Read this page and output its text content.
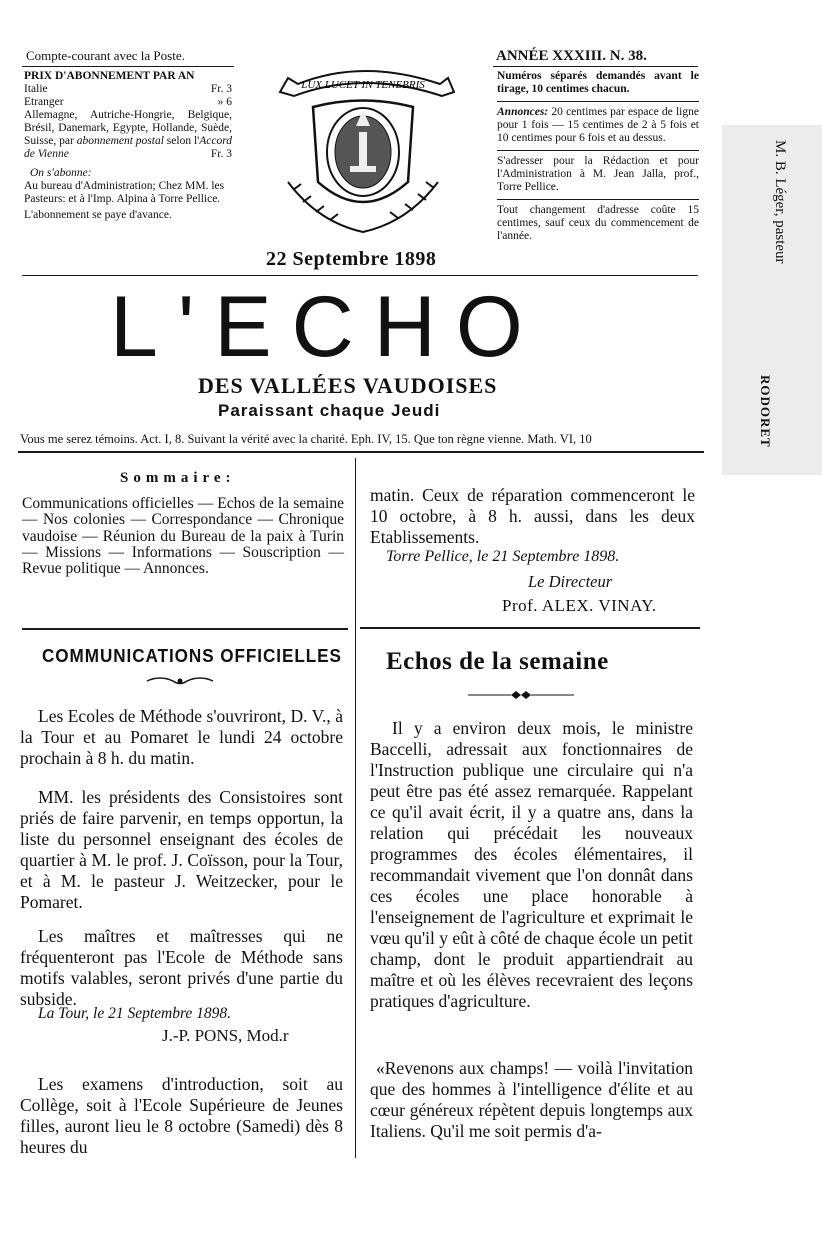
M. B. Léger, pasteur
RODORET
Compte-courant avec la Poste.	ANNÉE XXXIII. N. 38.
PRIX D'ABONNEMENT PAR AN
Italie	Fr. 3
Etranger	» 6
Allemagne, Autriche-Hongrie, Belgique, Brésil, Danemark, Egypte, Hollande, Suède, Suisse, par abonnement postal selon l'Accord de Vienne	Fr. 3
On s'abonne:
Au bureau d'Administration; Chez MM. les Pasteurs: et à l'Imp. Alpina à Torre Pellice.
L'abonnement se paye d'avance.
LUX LUCET IN TENEBRIS
Numéros séparés demandés avant le tirage, 10 centimes chacun.
Annonces: 20 centimes par espace de ligne pour 1 fois — 15 centimes de 2 à 5 fois et 10 centimes pour 6 fois et au dessus.
S'adresser pour la Rédaction et pour l'Administration à M. Jean Jalla, prof., Torre Pellice.
Tout changement d'adresse coûte 15 centimes, sauf ceux du commencement de l'année.
22 Septembre 1898
L'ECHO
DES VALLÉES VAUDOISES
Paraissant chaque Jeudi
Vous me serez témoins. Act. I, 8. Suivant la vérité avec la charité. Eph. IV, 15. Que ton règne vienne. Math. VI, 10
Sommaire:
Communications officielles — Echos de la semaine — Nos colonies — Correspondance — Chronique vaudoise — Réunion du Bureau de la paix à Turin — Missions — Informations — Souscription — Revue politique — Annonces.
COMMUNICATIONS OFFICIELLES
Les Ecoles de Méthode s'ouvriront, D. V., à la Tour et au Pomaret le lundi 24 octobre prochain à 8 h. du matin.
MM. les présidents des Consistoires sont priés de faire parvenir, en temps opportun, la liste du personnel enseignant des écoles de quartier à M. le prof. J. Coïsson, pour la Tour, et à M. le pasteur J. Weitzecker, pour le Pomaret.
Les maîtres et maîtresses qui ne fréquenteront pas l'Ecole de Méthode sans motifs valables, seront privés d'une partie du subside.
La Tour, le 21 Septembre 1898.
J.-P. PONS, Mod.r
Les examens d'introduction, soit au Collège, soit à l'Ecole Supérieure de Jeunes filles, auront lieu le 8 octobre (Samedi) dès 8 heures du
matin. Ceux de réparation commenceront le 10 octobre, à 8 h. aussi, dans les deux Etablissements.
Torre Pellice, le 21 Septembre 1898.
Le Directeur
Prof. ALEX. VINAY.
Echos de la semaine
Il y a environ deux mois, le ministre Baccelli, adressait aux fonctionnaires de l'Instruction publique une circulaire qui n'a peut être pas été assez remarquée. Rappelant ce qu'il avait écrit, il y a quatre ans, dans la relation qui précédait les nouveaux programmes des écoles élémentaires, il recommandait vivement que l'on donnât dans ces écoles une place honorable à l'enseignement de l'agriculture et exprimait le vœu qu'il y eût à côté de chaque école un petit champ, dont le produit appartiendrait au maître et où les élèves recevraient des leçons pratiques d'agriculture.
«Revenons aux champs! — voilà l'invitation que des hommes à l'intelligence d'élite et au cœur généreux répètent depuis longtemps aux Italiens. Qu'il me soit permis d'a-
